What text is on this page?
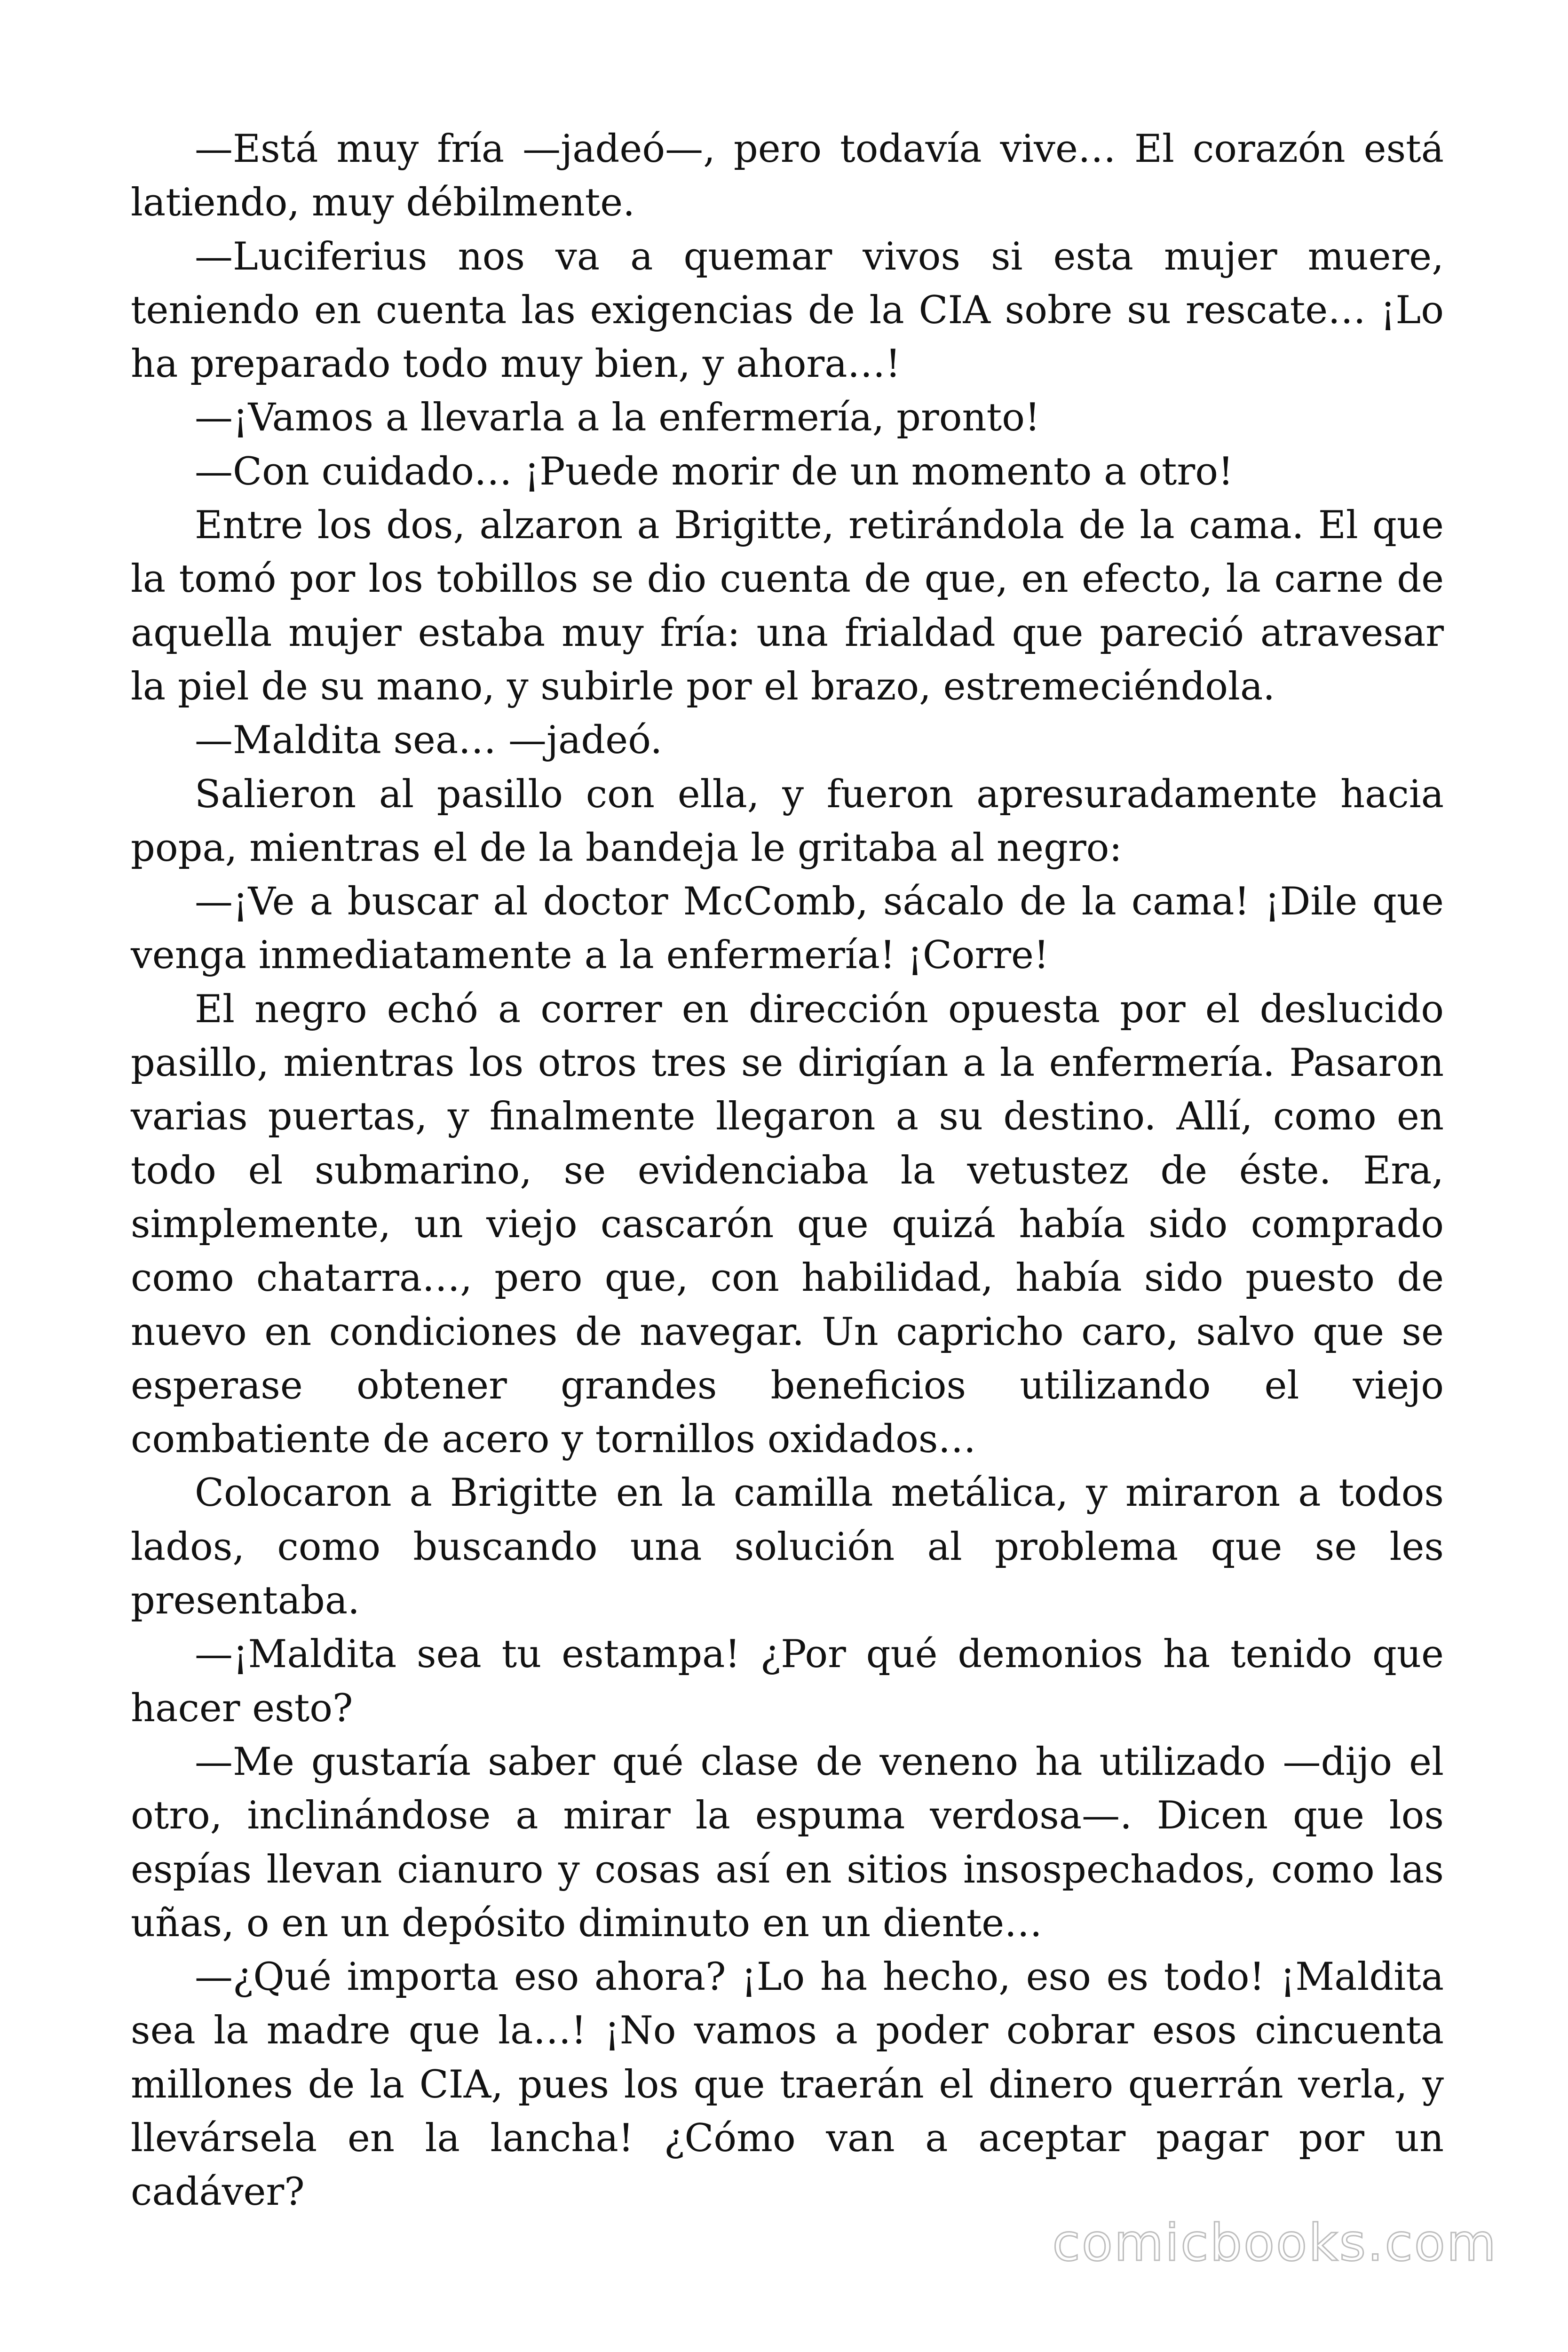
—Está muy fría —jadeó—, pero todavía vive… El corazón está latiendo, muy débilmente.

—Luciferius nos va a quemar vivos si esta mujer muere, teniendo en cuenta las exigencias de la CIA sobre su rescate… ¡Lo ha preparado todo muy bien, y ahora…!

—¡Vamos a llevarla a la enfermería, pronto!

—Con cuidado… ¡Puede morir de un momento a otro!

Entre los dos, alzaron a Brigitte, retirándola de la cama. El que la tomó por los tobillos se dio cuenta de que, en efecto, la carne de aquella mujer estaba muy fría: una frialdad que pareció atravesar la piel de su mano, y subirle por el brazo, estremeciéndola.

—Maldita sea… —jadeó.

Salieron al pasillo con ella, y fueron apresuradamente hacia popa, mientras el de la bandeja le gritaba al negro:

—¡Ve a buscar al doctor McComb, sácalo de la cama! ¡Dile que venga inmediatamente a la enfermería! ¡Corre!

El negro echó a correr en dirección opuesta por el deslucido pasillo, mientras los otros tres se dirigían a la enfermería. Pasaron varias puertas, y finalmente llegaron a su destino. Allí, como en todo el submarino, se evidenciaba la vetustez de éste. Era, simplemente, un viejo cascarón que quizá había sido comprado como chatarra…, pero que, con habilidad, había sido puesto de nuevo en condiciones de navegar. Un capricho caro, salvo que se esperase obtener grandes beneficios utilizando el viejo combatiente de acero y tornillos oxidados…

Colocaron a Brigitte en la camilla metálica, y miraron a todos lados, como buscando una solución al problema que se les presentaba.

—¡Maldita sea tu estampa! ¿Por qué demonios ha tenido que hacer esto?

—Me gustaría saber qué clase de veneno ha utilizado —dijo el otro, inclinándose a mirar la espuma verdosa—. Dicen que los espías llevan cianuro y cosas así en sitios insospechados, como las uñas, o en un depósito diminuto en un diente…

—¿Qué importa eso ahora? ¡Lo ha hecho, eso es todo! ¡Maldita sea la madre que la…! ¡No vamos a poder cobrar esos cincuenta millones de la CIA, pues los que traerán el dinero querrán verla, y llevársela en la lancha! ¿Cómo van a aceptar pagar por un cadáver?

comicbooks.com
